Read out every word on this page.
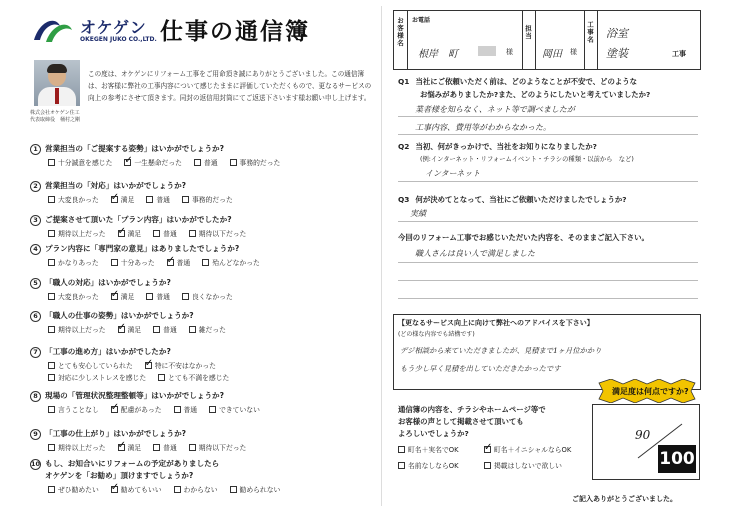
オケゲン
OKEGEN JUKO CO.,LTD. 仕事の通信簿
株式会社オケゲン住工
代表取締役　桶村之剛
この度は、オケゲンにリフォーム工事をご用命頂き誠にありがとうございました。この通信簿は、お客様に弊社の工事内容について感じたままに評価していただくもので、更なるサービスの向上の参考にさせて頂きます。同封の返信用封筒にてご返送下さいます様お願い申し上げます。
1 営業担当の「ご提案する姿勢」はいかがでしょうか?
十分誠意を感じた ✓	一生懸命だった	普通	事務的だった
2 営業担当の「対応」はいかがでしょうか?
大変良かった ✓	満足	普通	事務的だった
3 ご提案させて頂いた「プラン内容」はいかがでしたか?
期待以上だった ✓	満足	普通	期待以下だった
4 プラン内容に「専門家の意見」はありましたでしょうか?
かなりあった	十分あった ✓	普通	殆んどなかった
5 「職人の対応」はいかがでしょうか?
大変良かった ✓	満足	普通	良くなかった
6 「職人の仕事の姿勢」はいかがでしょうか?
期待以上だった ✓	満足	普通	雑だった
7 「工事の進め方」はいかがでしたか?
とても安心していられた ✓	特に不安はなかった
対応に少しストレスを感じた	とても不満を感じた
8 現場の「管理状況整理整頓等」はいかがでしょうか?
言うことなし ✓	配慮があった	普通	できていない
9 「工事の仕上がり」はいかがでしょうか?
期待以上だった ✓	満足	普通	期待以下だった
10 もし、お知合いにリフォームの予定がありましたら
オケゲンを「お勧め」頂けますでしょうか?
ぜひ勧めたい ✓	勧めてもいい	わからない	勧められない
お客様名 お電話
根岸　町	様
担当
岡田 様
工事名 浴室
塗装	工事
Q1 当社にご依頼いただく前は、どのようなことが不安で、どのような
お悩みがありましたか?また、どのようにしたいと考えていましたか?
業者様を知らなく、ネット等で調べましたが
工事内容、費用等がわからなかった。
Q2 当初、何がきっかけで、当社をお知りになりましたか?
(例:インターネット・リフォームイベント・チラシの種類・以前から　など)
インターネット
Q3 何が決めてとなって、当社にご依頼いただけましたでしょうか?
実績
今回のリフォーム工事でお感じいただいた内容を、そのままご記入下さい。
職人さんは良い人で満足しました
【更なるサービス向上に向けて弊社へのアドバイスを下さい】
(どの様な内容でも結構です)
デジ相談から来ていただきましたが、見積まで1ヶ月位かかり
もう少し早く見積を出していただきたかったです
通信簿の内容を、チラシやホームページ等で
お客様の声として掲載させて頂いても
よろしいでしょうか?
町名＋実名でOK ✓	町名＋イニシャルならOK
名前なしならOK	掲載はしないで欲しい
満足度は何点ですか?
90
100
ご記入ありがとうございました。
